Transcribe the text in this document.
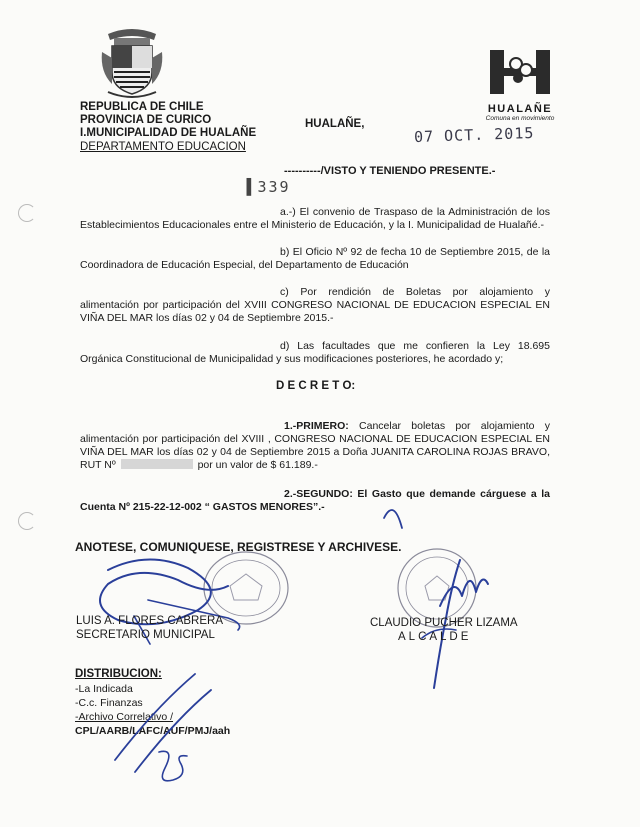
REPUBLICA DE CHILE
PROVINCIA DE CURICO
I.MUNICIPALIDAD DE HUALAÑE
DEPARTAMENTO EDUCACION
HUALAÑE,	07 OCT. 2015
HUALAÑE
Comuna en movimiento
----------/VISTO Y TENIENDO PRESENTE.-
▐ 339
a.-) El convenio de Traspaso de la Administración de los Establecimientos Educacionales entre el Ministerio de Educación, y la I. Municipalidad de Hualañé.-
b) El Oficio Nº 92 de fecha 10 de Septiembre 2015, de la Coordinadora de Educación Especial, del Departamento de Educación
c) Por rendición de Boletas por alojamiento y alimentación por participación del XVIII CONGRESO NACIONAL DE EDUCACION ESPECIAL EN VIÑA DEL MAR los días 02 y 04 de Septiembre 2015.-
d) Las facultades que me confieren la Ley 18.695 Orgánica Constitucional de Municipalidad y sus modificaciones posteriores, he acordado y;
D E C R E T O:
1.-PRIMERO: Cancelar boletas por alojamiento y alimentación por participación del XVIII , CONGRESO NACIONAL DE EDUCACION ESPECIAL EN VIÑA DEL MAR los días 02 y 04 de Septiembre 2015 a Doña JUANITA CAROLINA ROJAS BRAVO, RUT Nº	por un valor de $ 61.189.-
2.-SEGUNDO: El Gasto que demande cárguese a la Cuenta Nº 215-22-12-002 “ GASTOS MENORES”.-
ANOTESE, COMUNIQUESE, REGISTRESE Y ARCHIVESE.
LUIS A. FLORES CABRERA
SECRETARIO MUNICIPAL
CLAUDIO PUCHER LIZAMA
ALCALDE
DISTRIBUCION:
-La Indicada
-C.c. Finanzas
-Archivo Correlativo /
CPL/AARB/LAFC/AUF/PMJ/aah
